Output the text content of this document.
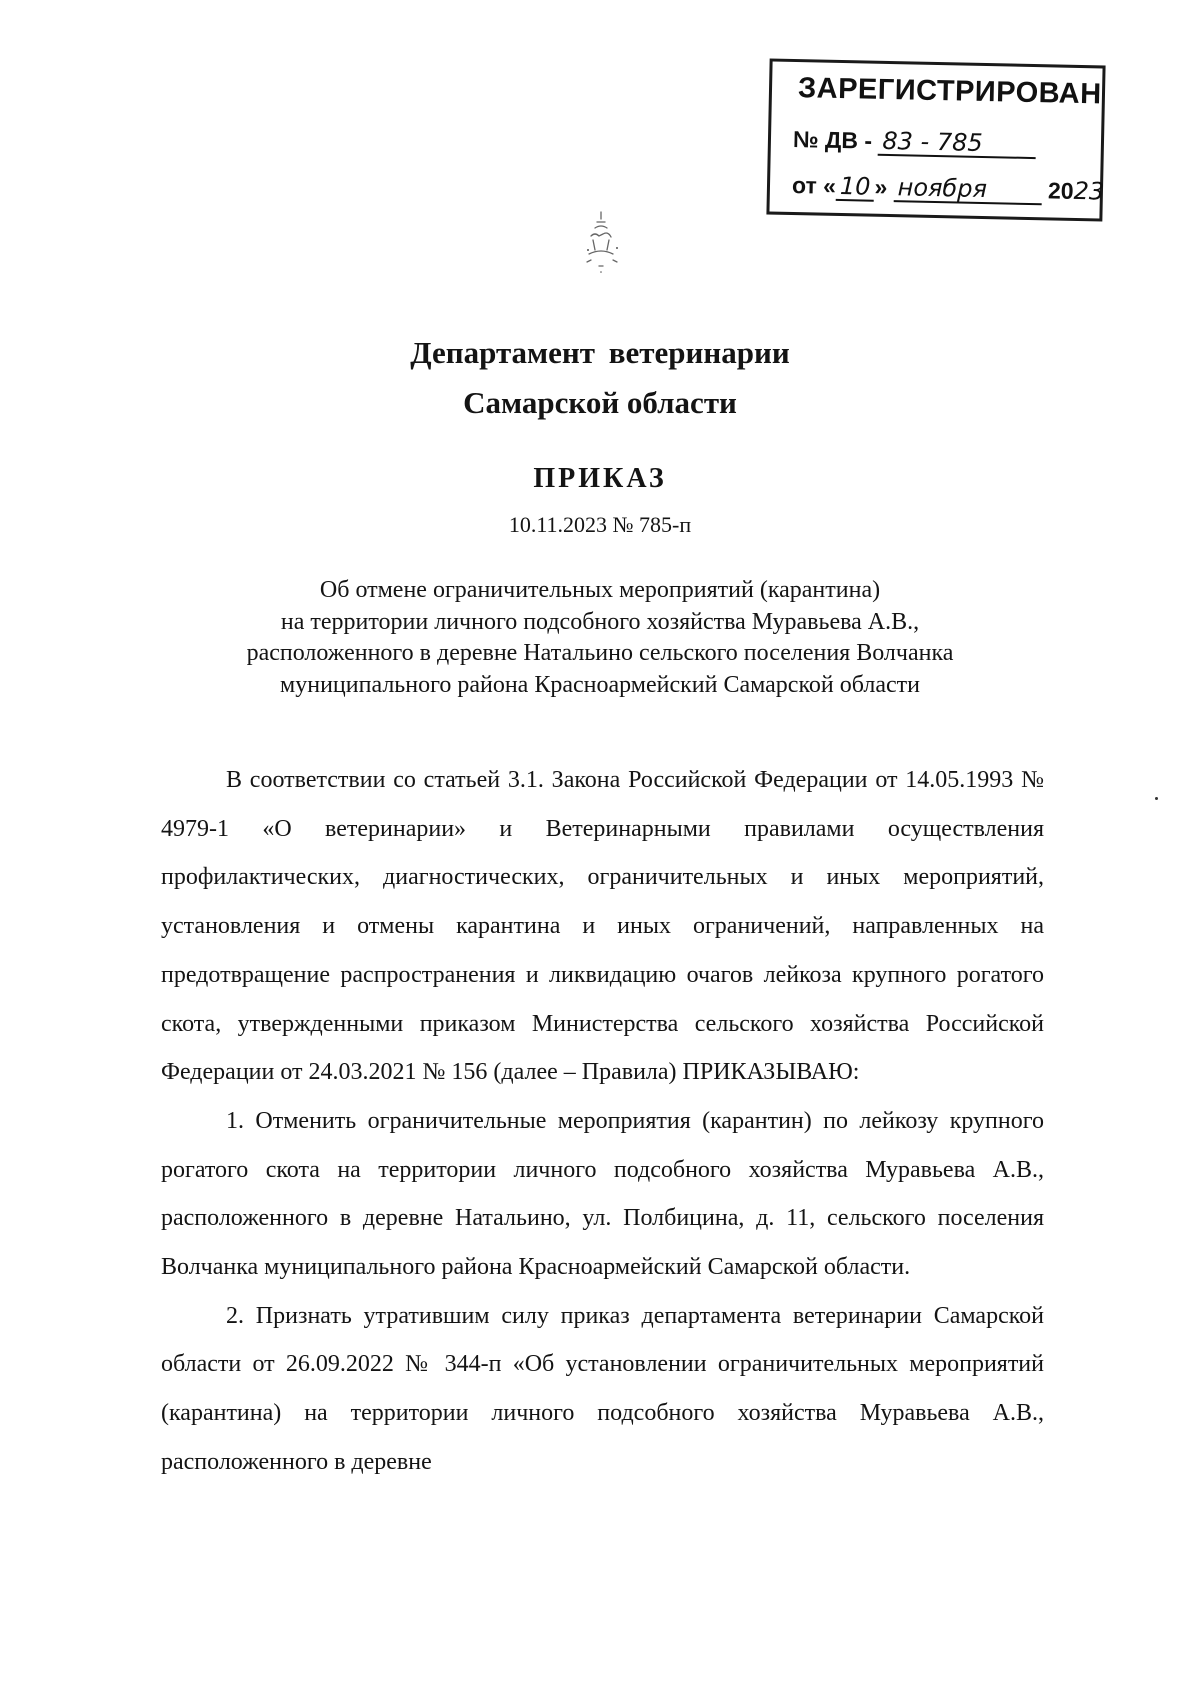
ЗАРЕГИСТРИРОВАН
№ ДВ - 83 - 785
от « 10 » ноября	2023
Департамент ветеринарии
Самарской области
ПРИКАЗ
10.11.2023 № 785-п
Об отмене ограничительных мероприятий (карантина)
на территории личного подсобного хозяйства Муравьева А.В.,
расположенного в деревне Натальино сельского поселения Волчанка
муниципального района Красноармейский Самарской области

В соответствии со статьей 3.1. Закона Российской Федерации от 14.05.1993 № 4979-1 «О ветеринарии» и Ветеринарными правилами осуществления профилактических, диагностических, ограничительных и иных мероприятий, установления и отмены карантина и иных ограничений, направленных на предотвращение распространения и ликвидацию очагов лейкоза крупного рогатого скота, утвержденными приказом Министерства сельского хозяйства Российской Федерации от 24.03.2021 № 156 (далее – Правила) ПРИКАЗЫВАЮ:

1. Отменить ограничительные мероприятия (карантин) по лейкозу крупного рогатого скота на территории личного подсобного хозяйства Муравьева А.В., расположенного в деревне Натальино, ул. Полбицина, д. 11, сельского поселения Волчанка муниципального района Красноармейский Самарской области.

2. Признать утратившим силу приказ департамента ветеринарии Самарской области от 26.09.2022 № 344-п «Об установлении ограничительных мероприятий (карантина) на территории личного подсобного хозяйства Муравьева А.В., расположенного в деревне
